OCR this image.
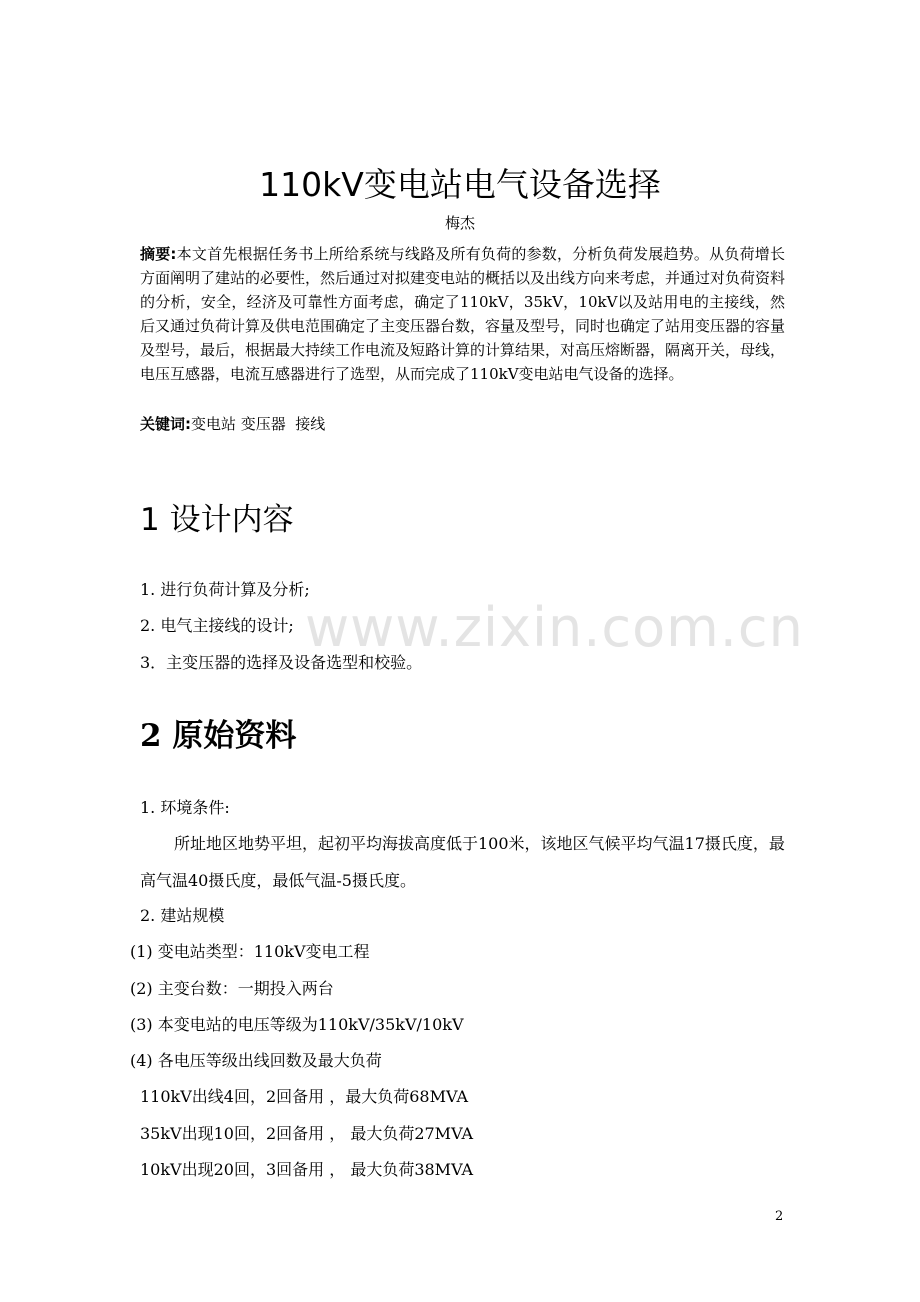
110kV变电站电气设备选择
梅杰
摘要:本文首先根据任务书上所给系统与线路及所有负荷的参数，分析负荷发展趋势。从负荷增长方面阐明了建站的必要性，然后通过对拟建变电站的概括以及出线方向来考虑，并通过对负荷资料的分析，安全，经济及可靠性方面考虑，确定了110kV，35kV，10kV以及站用电的主接线，然后又通过负荷计算及供电范围确定了主变压器台数，容量及型号，同时也确定了站用变压器的容量及型号，最后，根据最大持续工作电流及短路计算的计算结果，对高压熔断器，隔离开关，母线，电压互感器，电流互感器进行了选型，从而完成了110kV变电站电气设备的选择。
关键词:变电站 变压器  接线
1 设计内容
1. 进行负荷计算及分析;
2. 电气主接线的设计;
3．主变压器的选择及设备选型和校验。
www.zixin.com.cn
2 原始资料
1. 环境条件:
所址地区地势平坦，起初平均海拔高度低于100米，该地区气候平均气温17摄氏度，最高气温40摄氏度，最低气温-5摄氏度。
2. 建站规模
(1) 变电站类型：110kV变电工程
(2) 主变台数：一期投入两台
(3) 本变电站的电压等级为110kV/35kV/10kV
(4) 各电压等级出线回数及最大负荷
110kV出线4回，2回备用 ，最大负荷68MVA
35kV出现10回，2回备用 ， 最大负荷27MVA
10kV出现20回，3回备用 ， 最大负荷38MVA
2
